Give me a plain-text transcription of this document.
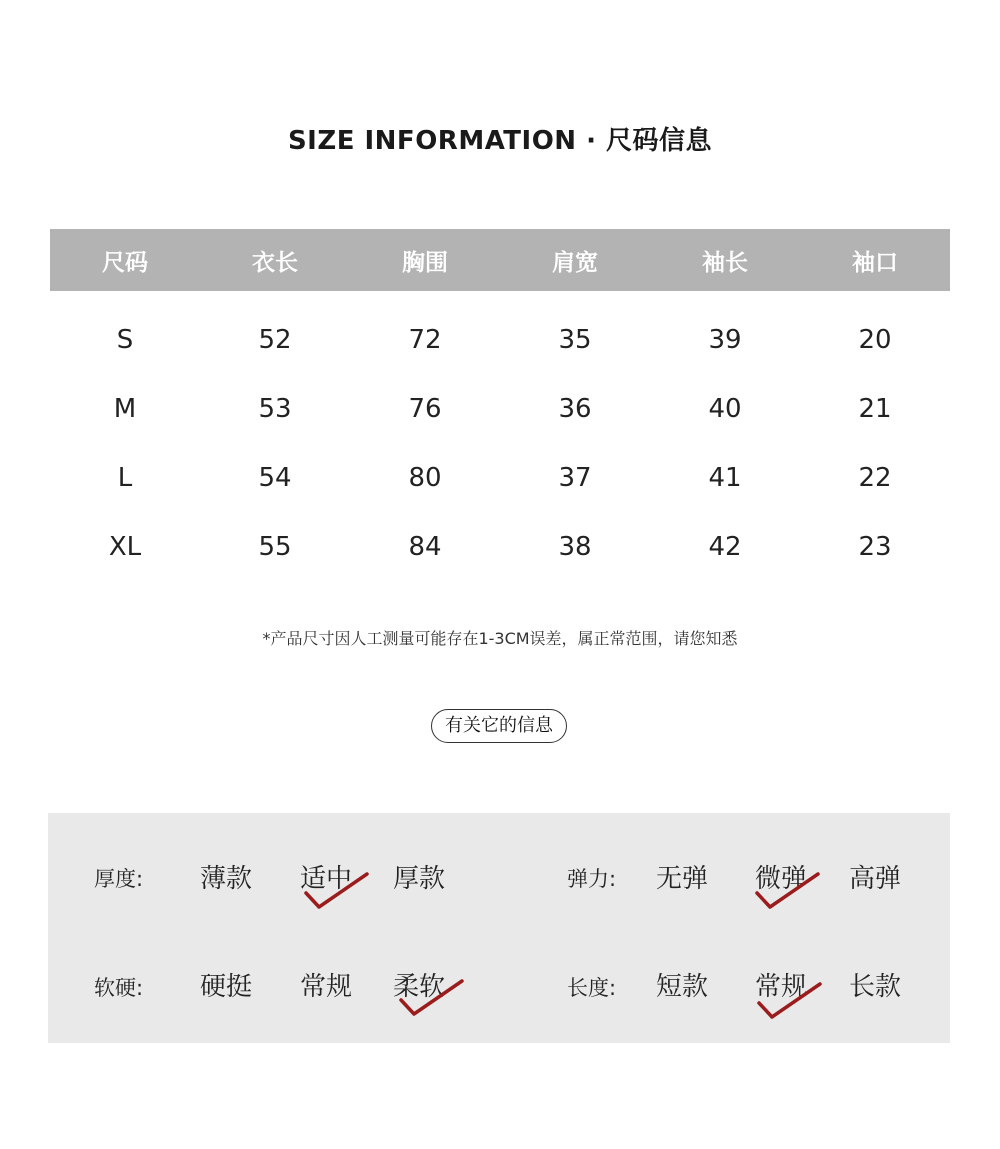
SIZE INFORMATION · 尺码信息
尺码	衣长	胸围	肩宽	袖长	袖口
S	52	72	35	39	20
M	53	76	36	40	21
L	54	80	37	41	22
XL	55	84	38	42	23
*产品尺寸因人工测量可能存在1-3CM误差，属正常范围，请您知悉
有关它的信息
厚度: 薄款 适中 厚款	弹力: 无弹 微弹 高弹
软硬: 硬挺 常规 柔软	长度: 短款 常规 长款
